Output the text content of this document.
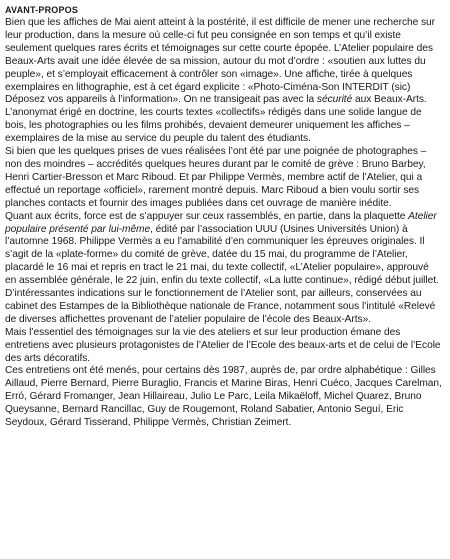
AVANT-PROPOS

Bien que les affiches de Mai aient atteint à la postérité, il est difficile de mener une recherche sur leur production, dans la mesure où celle-ci fut peu consignée en son temps et qu’il existe seulement quelques rares écrits et témoignages sur cette courte épopée. L’Atelier populaire des Beaux-Arts avait une idée élevée de sa mission, autour du mot d’ordre : «soutien aux luttes du peuple», et s’employait efficacement à contrôler son «image». Une affiche, tirée à quelques exemplaires en lithographie, est à cet égard explicite : «Photo-Ciména-Son INTERDIT (sic) Déposez vos appareils à l’information». On ne transigeait pas avec la sécurité aux Beaux-Arts.

L’anonymat érigé en doctrine, les courts textes «collectifs» rédigés dans une solide langue de bois, les photographies ou les films prohibés, devaient demeurer uniquement les affiches – exemplaires de la mise au service du peuple du talent des étudiants.

Si bien que les quelques prises de vues réalisées l’ont été par une poignée de photographes – non des moindres – accrédités quelques heures durant par le comité de grève : Bruno Barbey, Henri Cartier-Bresson et Marc Riboud. Et par Philippe Vermès, membre actif de l’Atelier, qui a effectué un reportage «officiel», rarement montré depuis. Marc Riboud a bien voulu sortir ses planches contacts et fournir des images publiées dans cet ouvrage de manière inédite.

Quant aux écrits, force est de s’appuyer sur ceux rassemblés, en partie, dans la plaquette Atelier populaire présenté par lui-même, édité par l’association UUU (Usines Universités Union) à l’automne 1968. Philippe Vermès a eu l’amabilité d’en communiquer les épreuves originales. Il s’agit de la «plate-forme» du comité de grève, datée du 15 mai, du programme de l’Atelier, placardé le 16 mai et repris en tract le 21 mai, du texte collectif, «L’Atelier populaire», approuvé en assemblée générale, le 22 juin, enfin du texte collectif, «La lutte continue», rédigé début juillet.

D’intéressantes indications sur le fonctionnement de l’Atelier sont, par ailleurs, conservées au cabinet des Estampes de la Bibliothèque nationale de France, notamment sous l’intitulé «Relevé de diverses affichettes provenant de l’atelier populaire de l’école des Beaux-Arts».

Mais l’essentiel des témoignages sur la vie des ateliers et sur leur production émane des entretiens avec plusieurs protagonistes de l’Atelier de l’Ecole des beaux-arts et de celui de l’Ecole des arts décoratifs.

Ces entretiens ont été menés, pour certains dès 1987, auprès de, par ordre alphabétique : Gilles Aillaud, Pierre Bernard, Pierre Buraglio, Francis et Marine Biras, Henri Cuéco, Jacques Carelman, Erró, Gérard Fromanger, Jean Hillaireau, Julio Le Parc, Leila Mikaëloff, Michel Quarez, Bruno Queysanne, Bernard Rancillac, Guy de Rougemont, Roland Sabatier, Antonio Seguí, Eric Seydoux, Gérard Tisserand, Philippe Vermès, Christian Zeimert.
